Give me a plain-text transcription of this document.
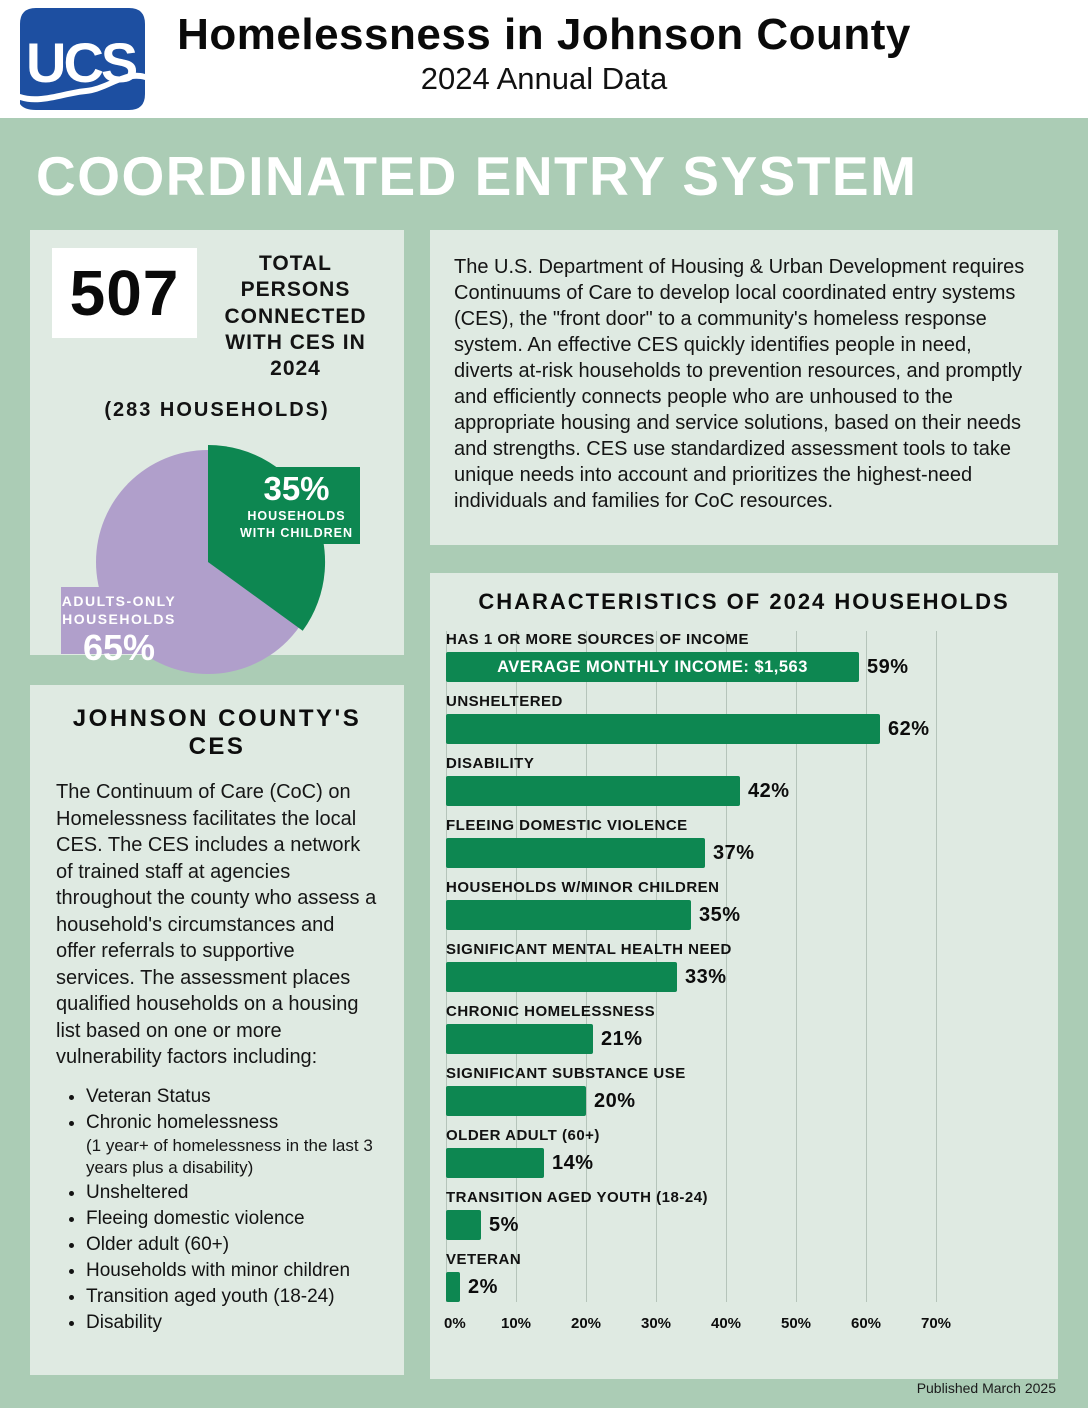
UCS Homelessness in Johnson County
2024 Annual Data
COORDINATED ENTRY SYSTEM
507	TOTAL PERSONS CONNECTED WITH CES IN 2024
(283 HOUSEHOLDS)
35%
HOUSEHOLDS
WITH CHILDREN
ADULTS-ONLY
HOUSEHOLDS
65%
JOHNSON COUNTY'S CES

The Continuum of Care (CoC) on Homelessness facilitates the local CES. The CES includes a network of trained staff at agencies throughout the county who assess a household's circumstances and offer referrals to supportive services. The assessment places qualified households on a housing list based on one or more vulnerability factors including:

• Veteran Status
• Chronic homelessness
(1 year+ of homelessness in the last 3 years plus a disability)
• Unsheltered
• Fleeing domestic violence
• Older adult (60+)
• Households with minor children
• Transition aged youth (18-24)
• Disability

The U.S. Department of Housing & Urban Development requires Continuums of Care to develop local coordinated entry systems (CES), the "front door" to a community's homeless response system. An effective CES quickly identifies people in need, diverts at-risk households to prevention resources, and promptly and efficiently connects people who are unhoused to the appropriate housing and service solutions, based on their needs and strengths. CES use standardized assessment tools to take unique needs into account and prioritizes the highest-need individuals and families for CoC resources.

CHARACTERISTICS OF 2024 HOUSEHOLDS
HAS 1 OR MORE SOURCES OF INCOME
AVERAGE MONTHLY INCOME: $1,563	59%
UNSHELTERED
62%
DISABILITY
42%
FLEEING DOMESTIC VIOLENCE
37%
HOUSEHOLDS W/MINOR CHILDREN
35%
SIGNIFICANT MENTAL HEALTH NEED
33%
CHRONIC HOMELESSNESS
21%
SIGNIFICANT SUBSTANCE USE
20%
OLDER ADULT (60+)
14%
TRANSITION AGED YOUTH (18-24)
5%
VETERAN
2%
0% 10%	20%	30%	40%	50%	60%	70%
Published March 2025
